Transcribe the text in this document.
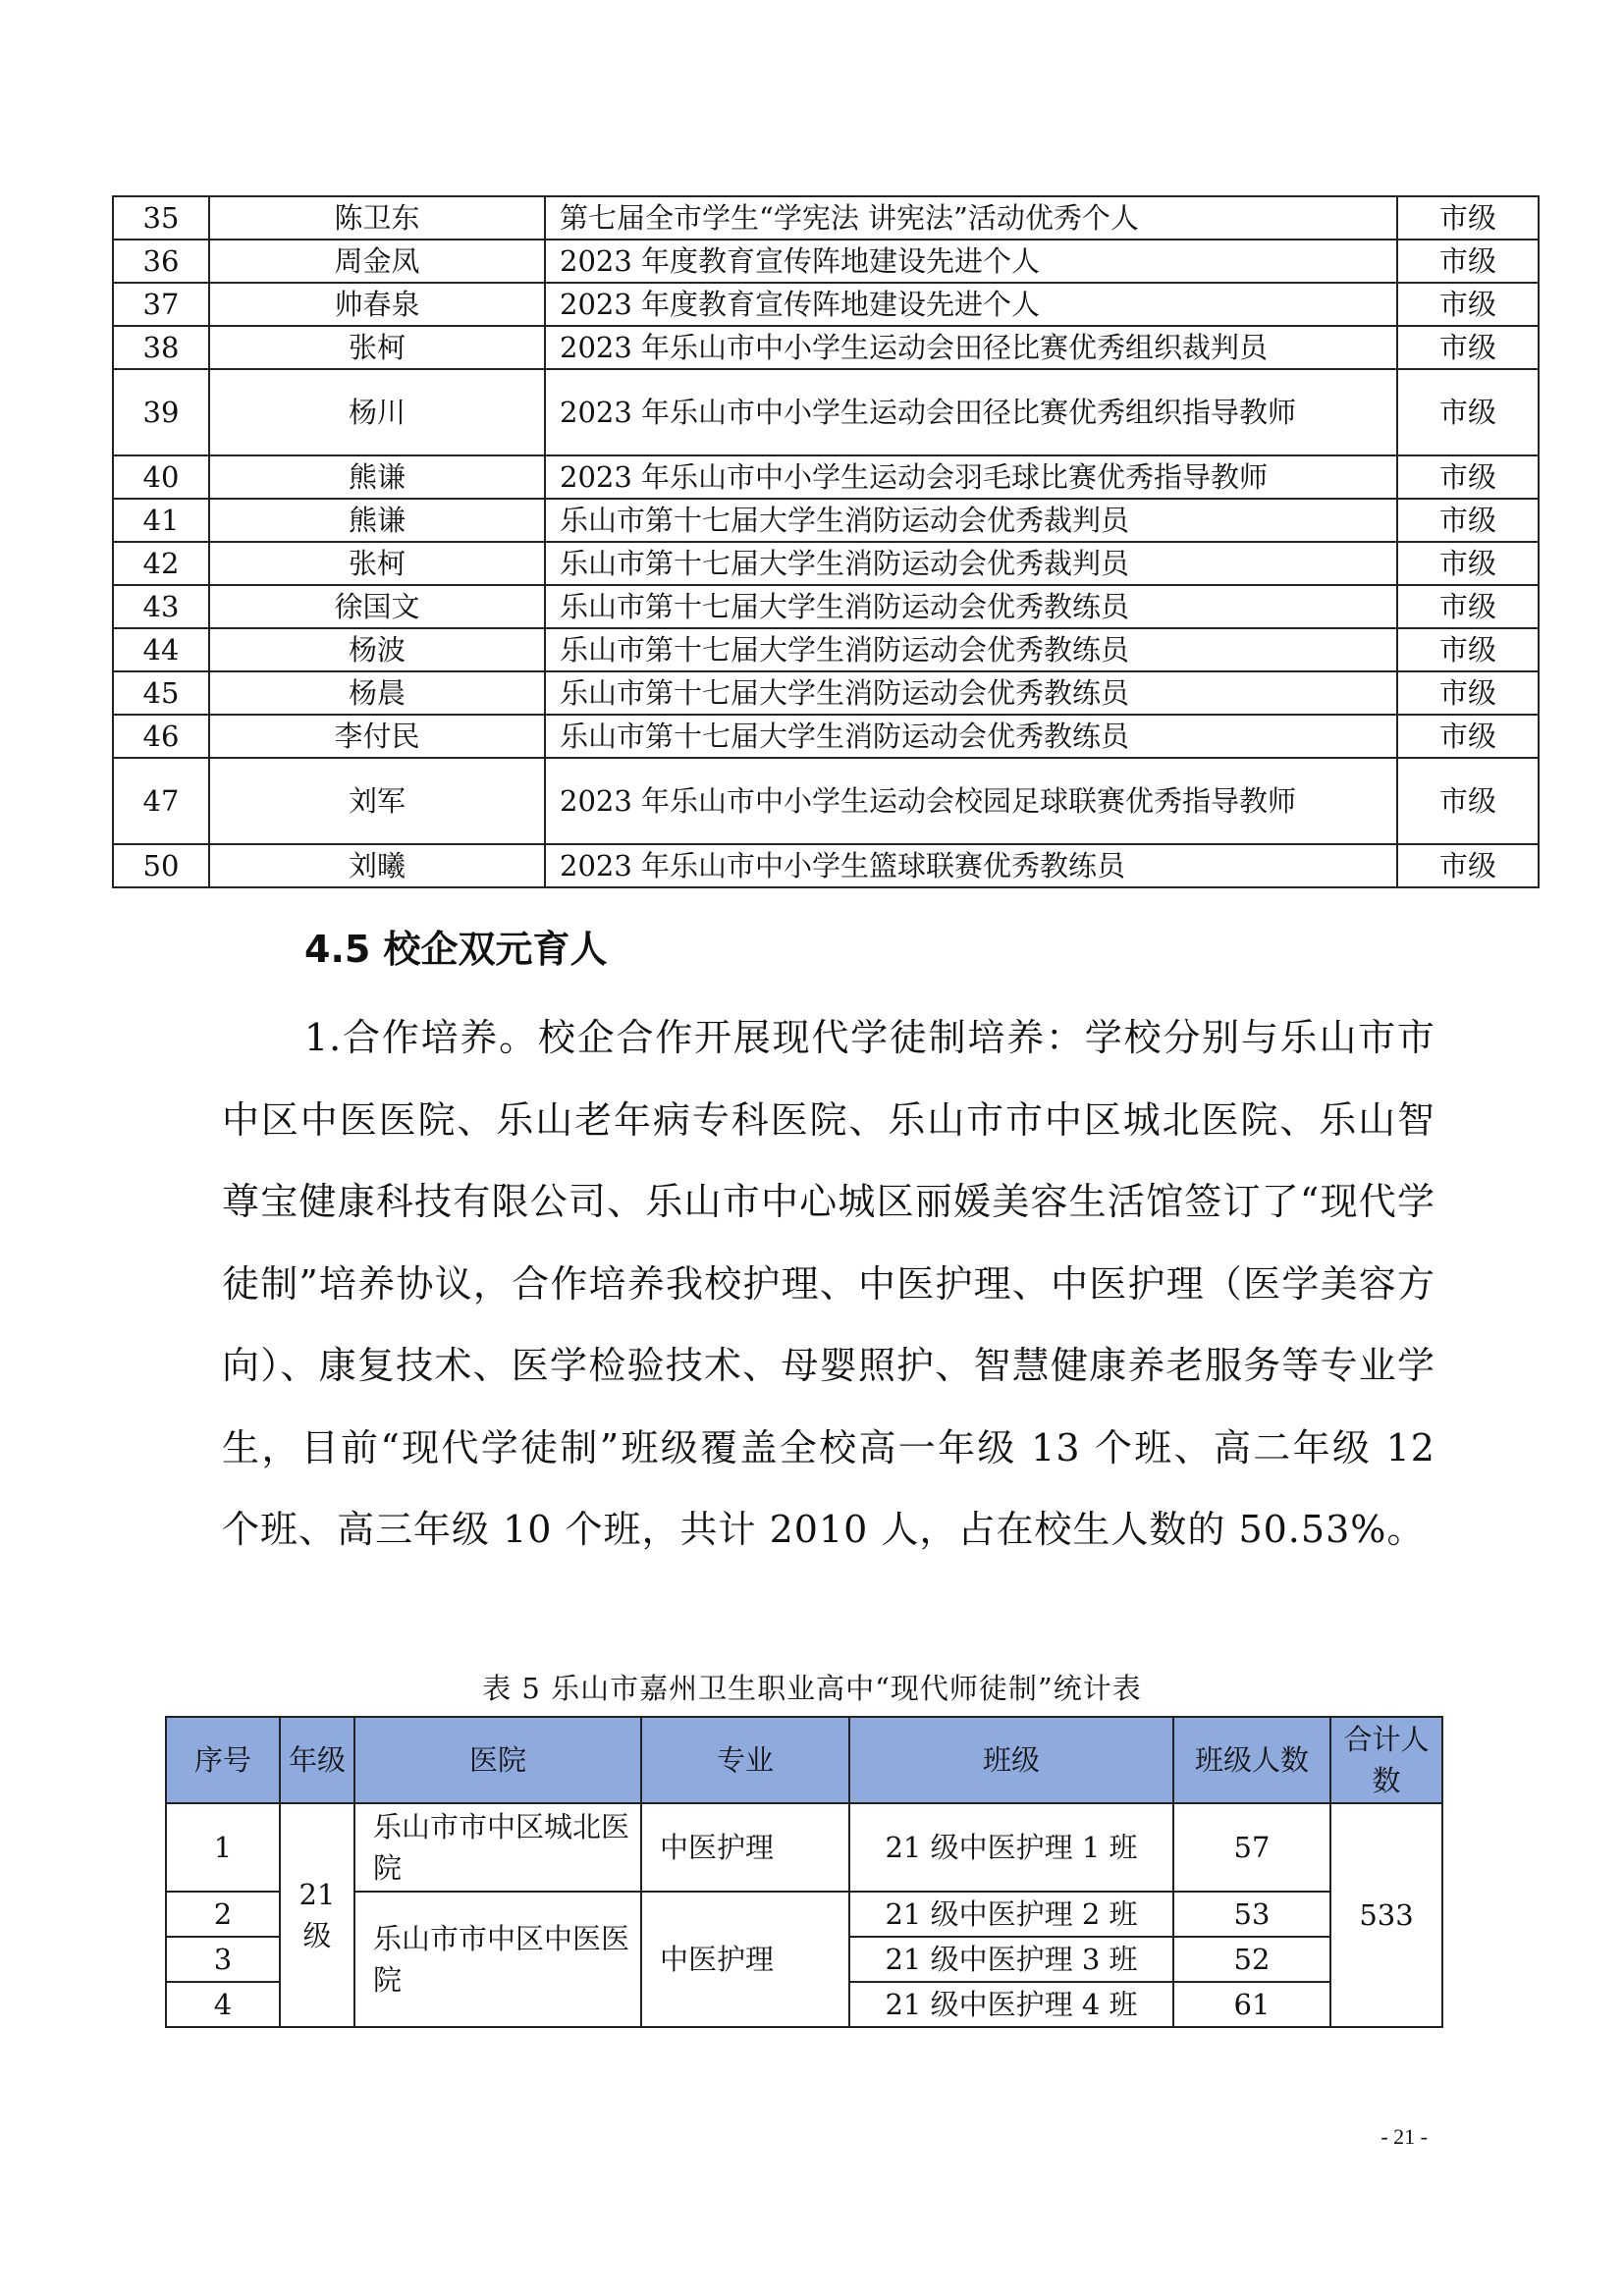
35	陈卫东	第七届全市学生“学宪法 讲宪法”活动优秀个人	市级
36	周金凤	2023 年度教育宣传阵地建设先进个人	市级
37	帅春泉	2023 年度教育宣传阵地建设先进个人	市级
38	张柯	2023 年乐山市中小学生运动会田径比赛优秀组织裁判员	市级
39	杨川	2023 年乐山市中小学生运动会田径比赛优秀组织指导教师	市级
40	熊谦	2023 年乐山市中小学生运动会羽毛球比赛优秀指导教师	市级
41	熊谦	乐山市第十七届大学生消防运动会优秀裁判员	市级
42	张柯	乐山市第十七届大学生消防运动会优秀裁判员	市级
43	徐国文	乐山市第十七届大学生消防运动会优秀教练员	市级
44	杨波	乐山市第十七届大学生消防运动会优秀教练员	市级
45	杨晨	乐山市第十七届大学生消防运动会优秀教练员	市级
46	李付民	乐山市第十七届大学生消防运动会优秀教练员	市级
47	刘军	2023 年乐山市中小学生运动会校园足球联赛优秀指导教师	市级
50	刘曦	2023 年乐山市中小学生篮球联赛优秀教练员	市级
4.5 校企双元育人

1.合作培养。校企合作开展现代学徒制培养：学校分别与乐山市市中区中医医院、乐山老年病专科医院、乐山市市中区城北医院、乐山智尊宝健康科技有限公司、乐山市中心城区丽媛美容生活馆签订了“现代学徒制”培养协议，合作培养我校护理、中医护理、中医护理（医学美容方向）、康复技术、医学检验技术、母婴照护、智慧健康养老服务等专业学生，目前“现代学徒制”班级覆盖全校高一年级 13 个班、高二年级 12 个班、高三年级 10 个班，共计 2010 人，占在校生人数的 50.53%。

表 5 乐山市嘉州卫生职业高中“现代师徒制”统计表
序号	年级	医院	专业	班级	班级人数	合计人数
1	21级	乐山市市中区城北医院	中医护理	21 级中医护理 1 班	57	533
2		乐山市市中区中医医院	中医护理	21 级中医护理 2 班	53	
3				21 级中医护理 3 班	52	
4				21 级中医护理 4 班	61	
- 21 -
